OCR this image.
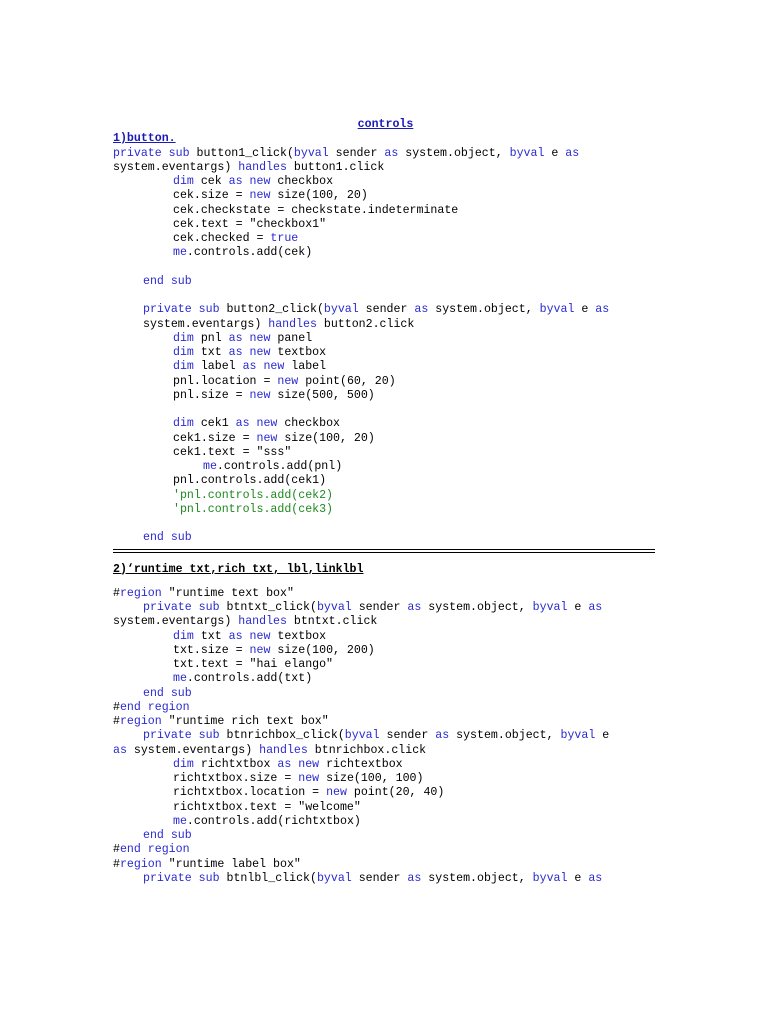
controls
1)button.
private sub button1_click(byval sender as system.object, byval e as
system.eventargs) handles button1.click
dim cek as new checkbox
cek.size = new size(100, 20)
cek.checkstate = checkstate.indeterminate
cek.text = "checkbox1"
cek.checked = true
me.controls.add(cek)
end sub
private sub button2_click(byval sender as system.object, byval e as
system.eventargs) handles button2.click
dim pnl as new panel
dim txt as new textbox
dim label as new label
pnl.location = new point(60, 20)
pnl.size = new size(500, 500)
dim cek1 as new checkbox
cek1.size = new size(100, 20)
cek1.text = "sss"
me.controls.add(pnl)
pnl.controls.add(cek1)
'pnl.controls.add(cek2)
'pnl.controls.add(cek3)
end sub
2)‘runtime txt,rich txt, lbl,linklbl
#region "runtime text box"
private sub btntxt_click(byval sender as system.object, byval e as
system.eventargs) handles btntxt.click
dim txt as new textbox
txt.size = new size(100, 200)
txt.text = "hai elango"
me.controls.add(txt)
end sub
#end region
#region "runtime rich text box"
private sub btnrichbox_click(byval sender as system.object, byval e
as system.eventargs) handles btnrichbox.click
dim richtxtbox as new richtextbox
richtxtbox.size = new size(100, 100)
richtxtbox.location = new point(20, 40)
richtxtbox.text = "welcome"
me.controls.add(richtxtbox)
end sub
#end region
#region "runtime label box"
private sub btnlbl_click(byval sender as system.object, byval e as
